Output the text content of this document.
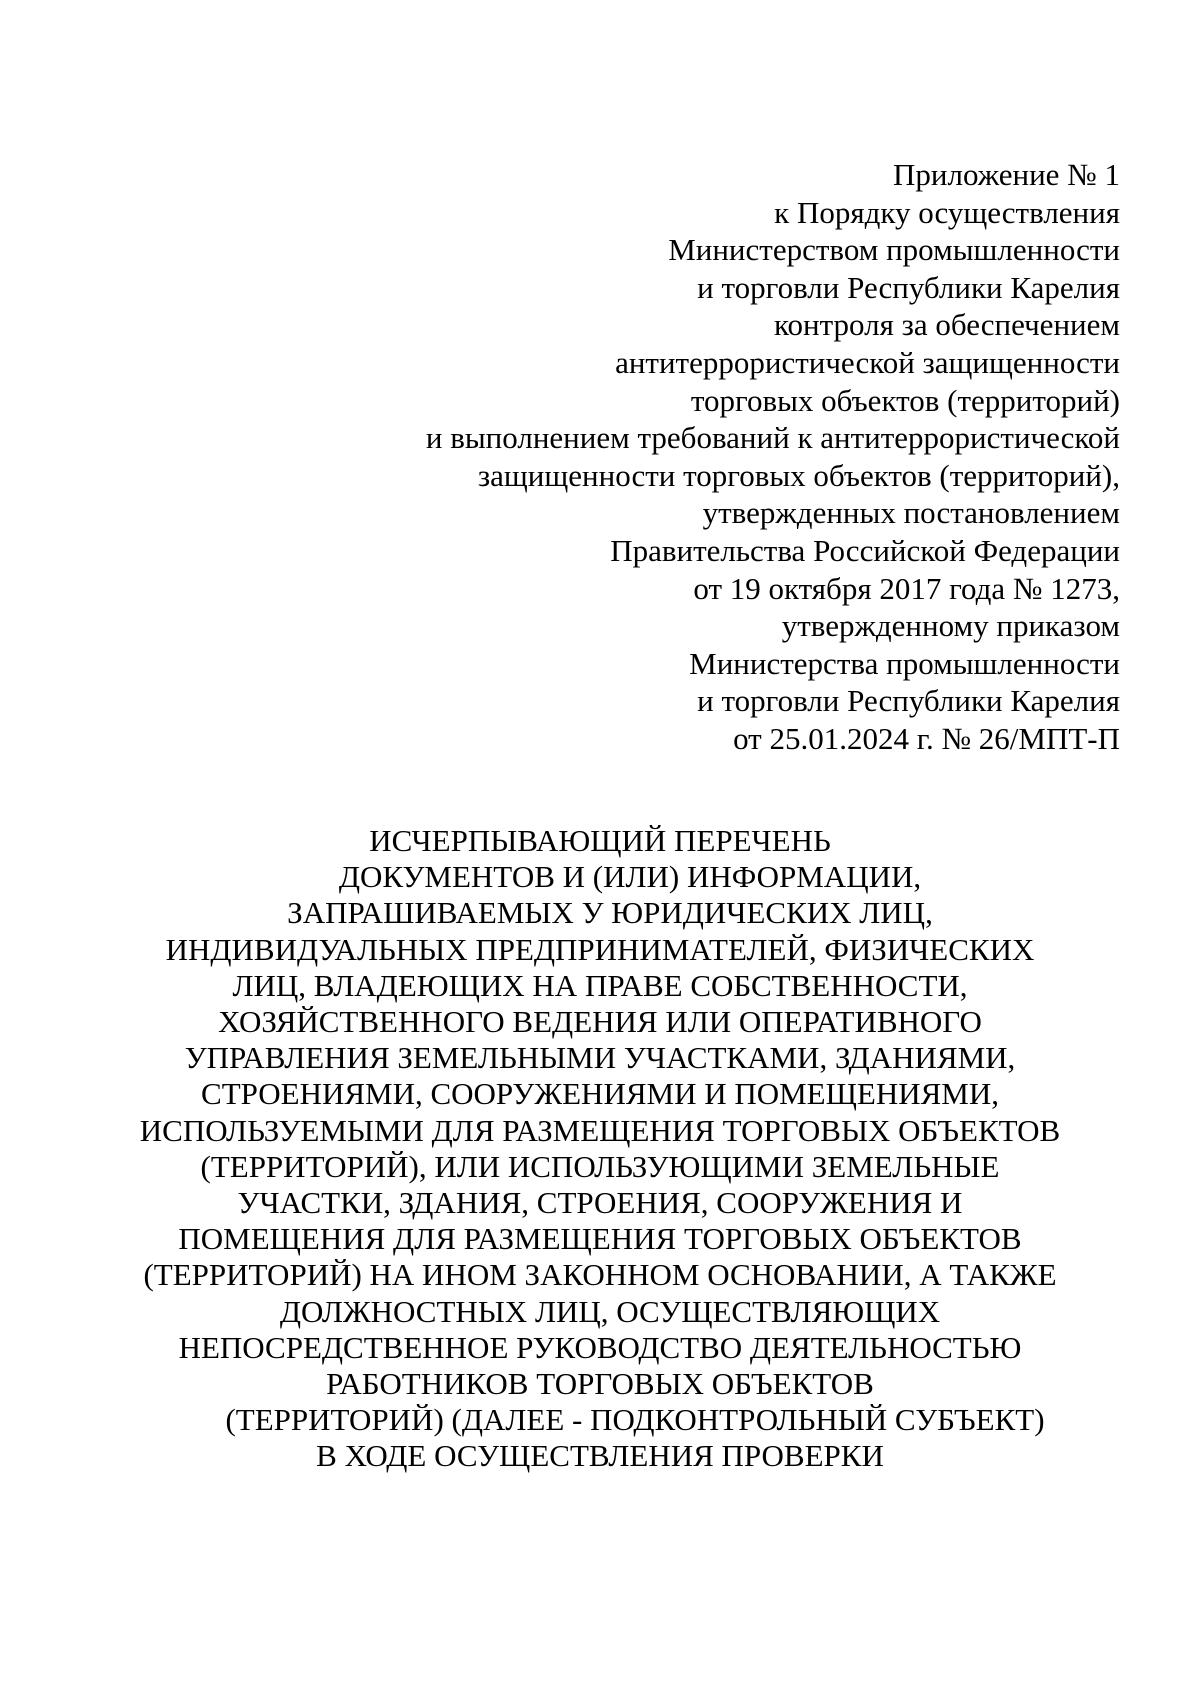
Приложение № 1
к Порядку осуществления
Министерством промышленности
и торговли Республики Карелия
контроля за обеспечением
антитеррористической защищенности
торговых объектов (территорий)
и выполнением требований к антитеррористической
защищенности торговых объектов (территорий),
утвержденных постановлением
Правительства Российской Федерации
от 19 октября 2017 года № 1273,
утвержденному приказом
Министерства промышленности
и торговли Республики Карелия
от 25.01.2024 г. № 26/МПТ-П
ИСЧЕРПЫВАЮЩИЙ ПЕРЕЧЕНЬ
ДОКУМЕНТОВ И (ИЛИ) ИНФОРМАЦИИ,
ЗАПРАШИВАЕМЫХ У ЮРИДИЧЕСКИХ ЛИЦ,
ИНДИВИДУАЛЬНЫХ ПРЕДПРИНИМАТЕЛЕЙ, ФИЗИЧЕСКИХ
ЛИЦ, ВЛАДЕЮЩИХ НА ПРАВЕ СОБСТВЕННОСТИ,
ХОЗЯЙСТВЕННОГО ВЕДЕНИЯ ИЛИ ОПЕРАТИВНОГО
УПРАВЛЕНИЯ ЗЕМЕЛЬНЫМИ УЧАСТКАМИ, ЗДАНИЯМИ,
СТРОЕНИЯМИ, СООРУЖЕНИЯМИ И ПОМЕЩЕНИЯМИ,
ИСПОЛЬЗУЕМЫМИ ДЛЯ РАЗМЕЩЕНИЯ ТОРГОВЫХ ОБЪЕКТОВ
(ТЕРРИТОРИЙ), ИЛИ ИСПОЛЬЗУЮЩИМИ ЗЕМЕЛЬНЫЕ
УЧАСТКИ, ЗДАНИЯ, СТРОЕНИЯ, СООРУЖЕНИЯ И
ПОМЕЩЕНИЯ ДЛЯ РАЗМЕЩЕНИЯ ТОРГОВЫХ ОБЪЕКТОВ
(ТЕРРИТОРИЙ) НА ИНОМ ЗАКОННОМ ОСНОВАНИИ, А ТАКЖЕ
ДОЛЖНОСТНЫХ ЛИЦ, ОСУЩЕСТВЛЯЮЩИХ
НЕПОСРЕДСТВЕННОЕ РУКОВОДСТВО ДЕЯТЕЛЬНОСТЬЮ
РАБОТНИКОВ ТОРГОВЫХ ОБЪЕКТОВ
(ТЕРРИТОРИЙ) (ДАЛЕЕ - ПОДКОНТРОЛЬНЫЙ СУБЪЕКТ)
В ХОДЕ ОСУЩЕСТВЛЕНИЯ ПРОВЕРКИ
